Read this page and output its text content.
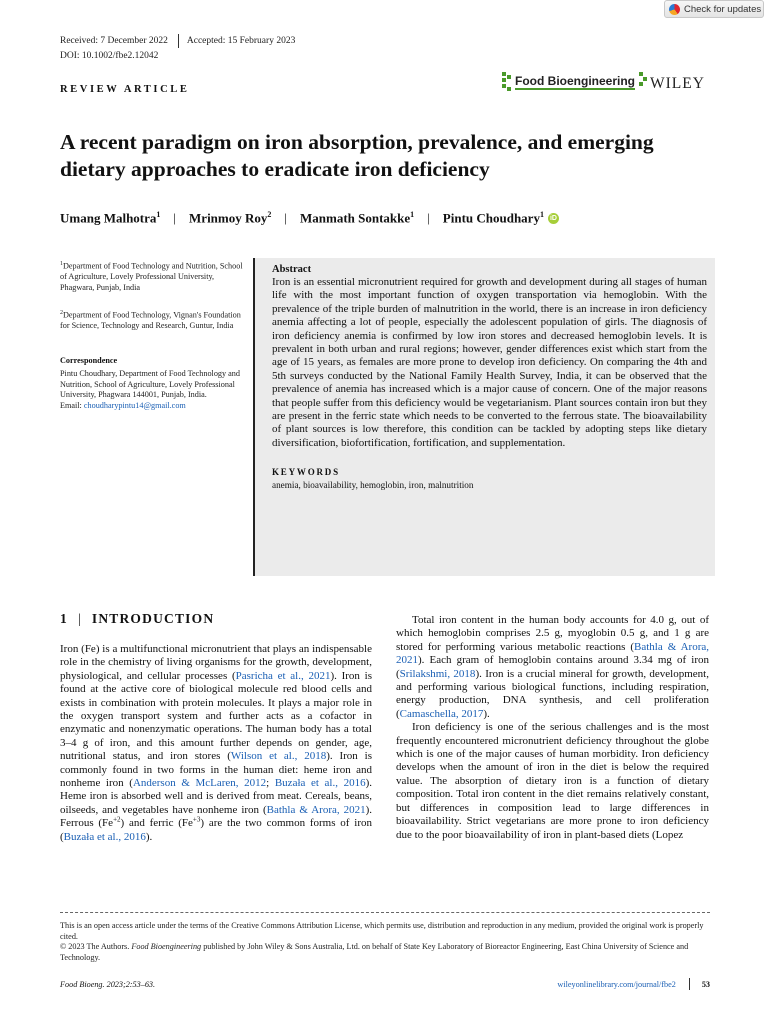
Received: 7 December 2022 Accepted: 15 February 2023
DOI: 10.1002/fbe2.12042
REVIEW ARTICLE
Check for updates
Food Bioengineering WILEY
A recent paradigm on iron absorption, prevalence, and emerging dietary approaches to eradicate iron deficiency
Umang Malhotra$^1$ | Mrinmoy Roy$^2$ | Manmath Sontakke$^1$ | Pintu Choudhary$^1$ iD
$^1$Department of Food Technology and Nutrition, School of Agriculture, Lovely Professional University, Phagwara, Punjab, India
$^2$Department of Food Technology, Vignan's Foundation for Science, Technology and Research, Guntur, India
Correspondence
Pintu Choudhary, Department of Food Technology and Nutrition, School of Agriculture, Lovely Professional University, Phagwara 144001, Punjab, India.
Email: choudharypintu14@gmail.com
Abstract
Iron is an essential micronutrient required for growth and development during all stages of human life with the most important function of oxygen transportation via hemoglobin. With the prevalence of the triple burden of malnutrition in the world, there is an increase in iron deficiency anemia affecting a lot of people, especially the adolescent population of girls. The diagnosis of iron deficiency anemia is confirmed by low iron stores and decreased hemoglobin levels. It is prevalent in both urban and rural regions; however, gender differences exist which start from the age of 15 years, as females are more prone to develop iron deficiency. On comparing the 4th and 5th surveys conducted by the National Family Health Survey, India, it can be observed that the prevalence of anemia has increased which is a major cause of concern. One of the major reasons that people suffer from this deficiency would be vegetarianism. Plant sources contain iron but they are present in the ferric state which needs to be converted to the ferrous state. The bioavailability of plant sources is low therefore, this condition can be tackled by adopting steps like dietary diversification, biofortification, fortification, and supplementation.
KEYWORDS
anemia, bioavailability, hemoglobin, iron, malnutrition
1 | INTRODUCTION

Iron (Fe) is a multifunctional micronutrient that plays an indispensable role in the chemistry of living organisms for the growth, development, physiological, and cellular processes (Pasricha et al., 2021). Iron is found at the active core of biological molecule red blood cells and exists in combination with protein molecules. It plays a major role in the oxygen transport system and further acts as a cofactor in enzymatic and nonenzymatic operations. The human body has a total 3–4 g of iron, and this amount further depends on gender, age, nutritional status, and iron stores (Wilson et al., 2018). Iron is commonly found in two forms in the human diet: heme iron and nonheme iron (Anderson & McLaren, 2012; Buzała et al., 2016). Heme iron is absorbed well and is derived from meat. Cereals, beans, oilseeds, and vegetables have nonheme iron (Bathla & Arora, 2021). Ferrous $(Fe^{+2})$ and ferric $(Fe^{+3})$ are the two common forms of iron (Buzała et al., 2016).

Total iron content in the human body accounts for 4.0 g, out of which hemoglobin comprises 2.5 g, myoglobin 0.5 g, and 1 g are stored for performing various metabolic reactions (Bathla & Arora, 2021). Each gram of hemoglobin contains around 3.34 mg of iron (Srilakshmi, 2018). Iron is a crucial mineral for growth, development, and performing various biological functions, including respiration, energy production, DNA synthesis, and cell proliferation (Camaschella, 2017).

Iron deficiency is one of the serious challenges and is the most frequently encountered micronutrient deficiency throughout the globe which is one of the major causes of human morbidity. Iron deficiency develops when the amount of iron in the diet is below the required value. The absorption of dietary iron is a function of dietary composition. Total iron content in the diet remains relatively constant, but differences in composition lead to large differences in bioavailability. Strict vegetarians are more prone to iron deficiency due to the poor bioavailability of iron in plant-based diets (Lopez

This is an open access article under the terms of the Creative Commons Attribution License, which permits use, distribution and reproduction in any medium, provided the original work is properly cited.
© 2023 The Authors. Food Bioengineering published by John Wiley & Sons Australia, Ltd. on behalf of State Key Laboratory of Bioreactor Engineering, East China University of Science and Technology.
Food Bioeng. 2023;2:53–63.	wileyonlinelibrary.com/journal/fbe2	53
